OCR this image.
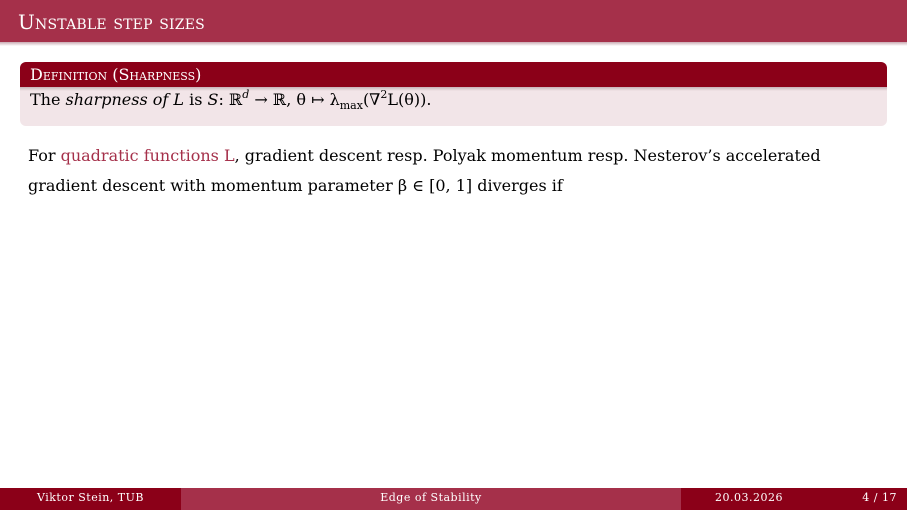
Unstable step sizes
Definition (Sharpness)
The sharpness of L is S: ℝ$^d$ → ℝ, θ ↦ $\lambda_{max}(\nabla^2L(\theta))$.
For quadratic functions L, gradient descent resp. Polyak momentum resp. Nesterov’s accelerated gradient descent with momentum parameter β ∈ [0, 1] diverges if
Viktor Stein, TUB	Edge of Stability	20.03.2026	4 / 17
